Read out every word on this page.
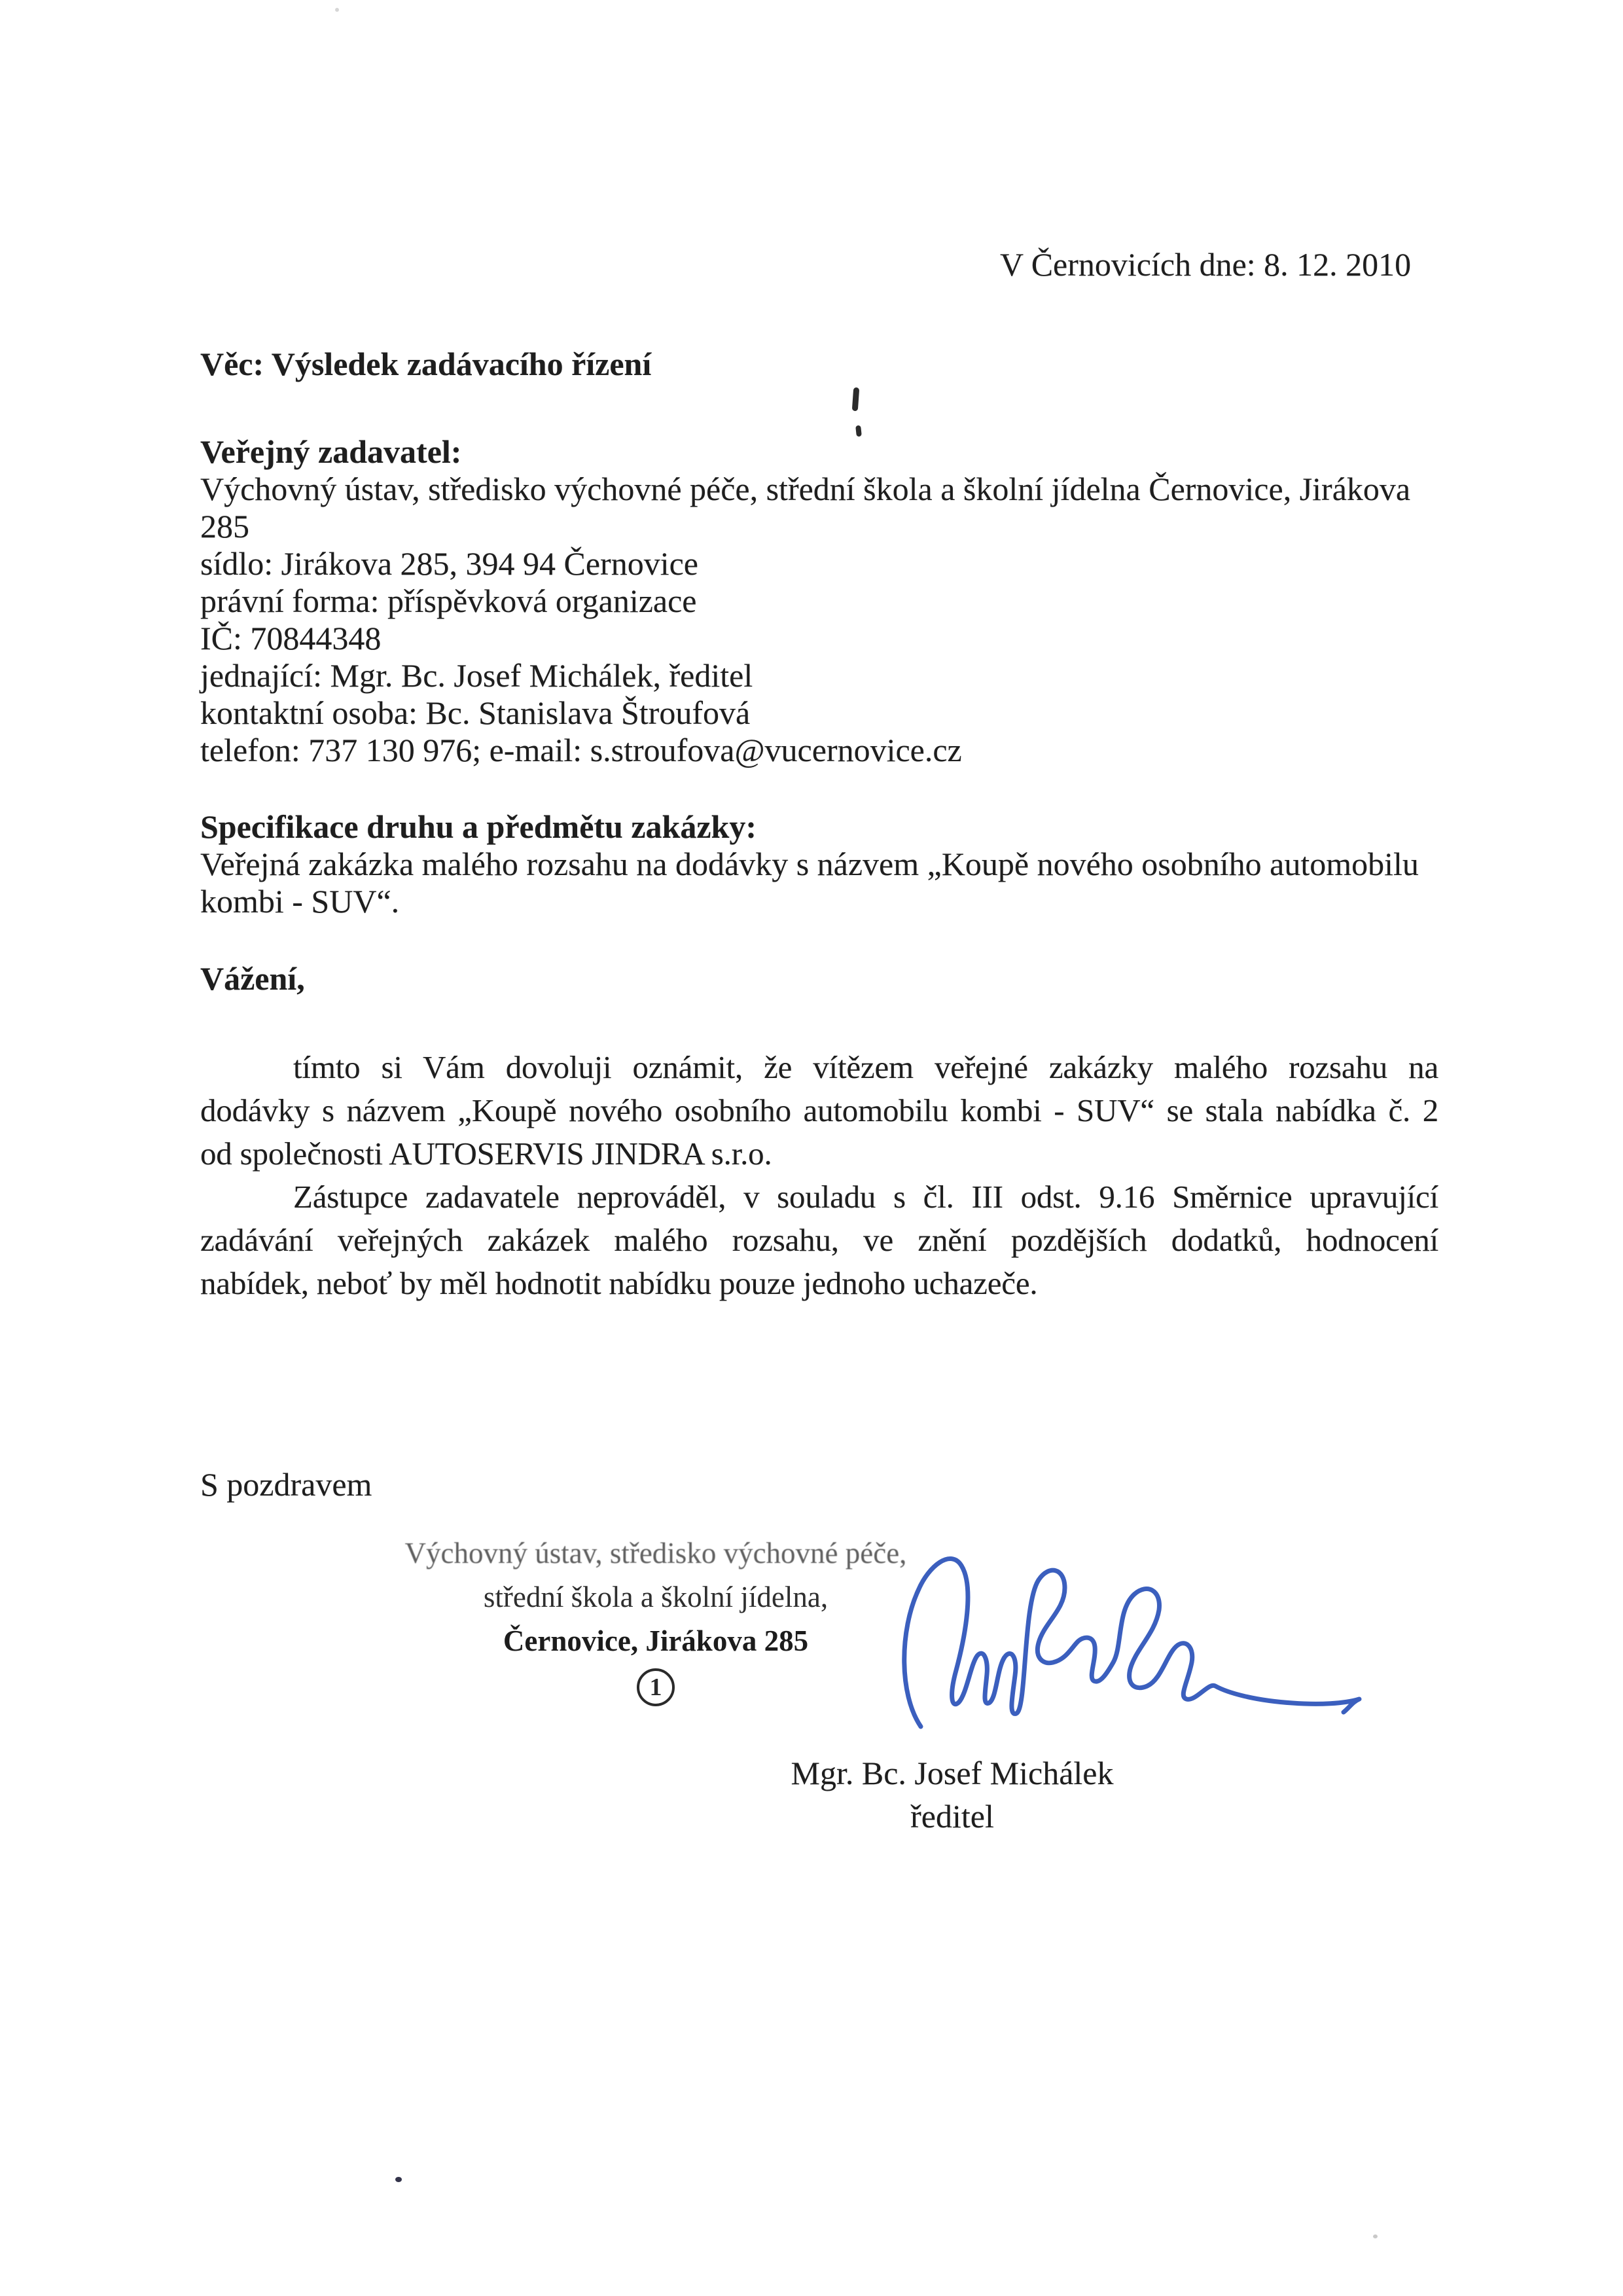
V Černovicích dne: 8. 12. 2010
Věc: Výsledek zadávacího řízení
Veřejný zadavatel:
Výchovný ústav, středisko výchovné péče, střední škola a školní jídelna Černovice, Jirákova
285
sídlo: Jirákova 285, 394 94 Černovice
právní forma: příspěvková organizace
IČ: 70844348
jednající: Mgr. Bc. Josef Michálek, ředitel
kontaktní osoba: Bc. Stanislava Štroufová
telefon: 737 130 976; e-mail: s.stroufova@vucernovice.cz
Specifikace druhu a předmětu zakázky:
Veřejná zakázka malého rozsahu na dodávky s názvem „Koupě nového osobního automobilu
kombi - SUV“.
Vážení,
tímto si Vám dovoluji oznámit, že vítězem veřejné zakázky malého rozsahu na
dodávky s názvem „Koupě nového osobního automobilu kombi - SUV“ se stala nabídka č. 2
od společnosti AUTOSERVIS JINDRA s.r.o.
Zástupce zadavatele neprováděl, v souladu s čl. III odst. 9.16 Směrnice upravující
zadávání veřejných zakázek malého rozsahu, ve znění pozdějších dodatků, hodnocení
nabídek, neboť by měl hodnotit nabídku pouze jednoho uchazeče.
S pozdravem
Výchovný ústav, středisko výchovné péče,
střední škola a školní jídelna,
Černovice, Jirákova 285
1
Mgr. Bc. Josef Michálek
ředitel
